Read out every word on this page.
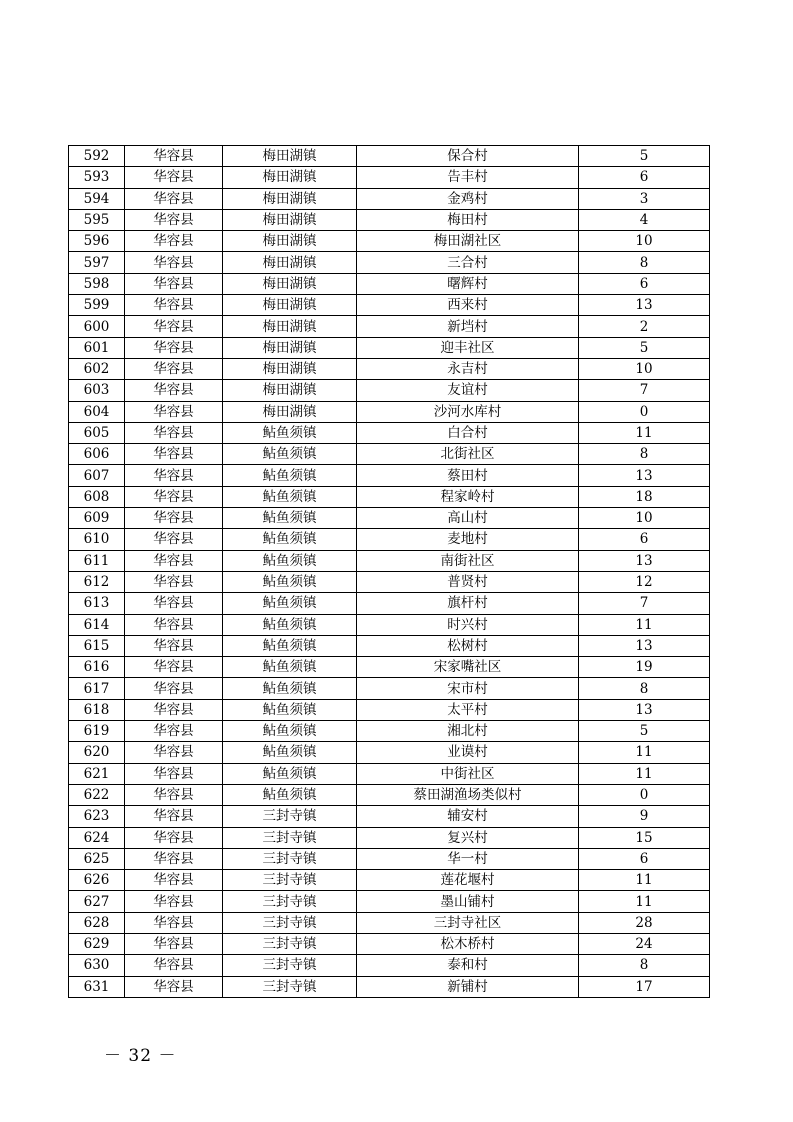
592	华容县	梅田湖镇	保合村	5
593	华容县	梅田湖镇	告丰村	6
594	华容县	梅田湖镇	金鸡村	3
595	华容县	梅田湖镇	梅田村	4
596	华容县	梅田湖镇	梅田湖社区	10
597	华容县	梅田湖镇	三合村	8
598	华容县	梅田湖镇	曙辉村	6
599	华容县	梅田湖镇	西来村	13
600	华容县	梅田湖镇	新垱村	2
601	华容县	梅田湖镇	迎丰社区	5
602	华容县	梅田湖镇	永吉村	10
603	华容县	梅田湖镇	友谊村	7
604	华容县	梅田湖镇	沙河水库村	0
605	华容县	鲇鱼须镇	白合村	11
606	华容县	鲇鱼须镇	北街社区	8
607	华容县	鲇鱼须镇	蔡田村	13
608	华容县	鲇鱼须镇	程家岭村	18
609	华容县	鲇鱼须镇	高山村	10
610	华容县	鲇鱼须镇	麦地村	6
611	华容县	鲇鱼须镇	南街社区	13
612	华容县	鲇鱼须镇	普贤村	12
613	华容县	鲇鱼须镇	旗杆村	7
614	华容县	鲇鱼须镇	时兴村	11
615	华容县	鲇鱼须镇	松树村	13
616	华容县	鲇鱼须镇	宋家嘴社区	19
617	华容县	鲇鱼须镇	宋市村	8
618	华容县	鲇鱼须镇	太平村	13
619	华容县	鲇鱼须镇	湘北村	5
620	华容县	鲇鱼须镇	业谟村	11
621	华容县	鲇鱼须镇	中街社区	11
622	华容县	鲇鱼须镇	蔡田湖渔场类似村	0
623	华容县	三封寺镇	辅安村	9
624	华容县	三封寺镇	复兴村	15
625	华容县	三封寺镇	华一村	6
626	华容县	三封寺镇	莲花堰村	11
627	华容县	三封寺镇	墨山铺村	11
628	华容县	三封寺镇	三封寺社区	28
629	华容县	三封寺镇	松木桥村	24
630	华容县	三封寺镇	泰和村	8
631	华容县	三封寺镇	新铺村	17
－ 32 －
